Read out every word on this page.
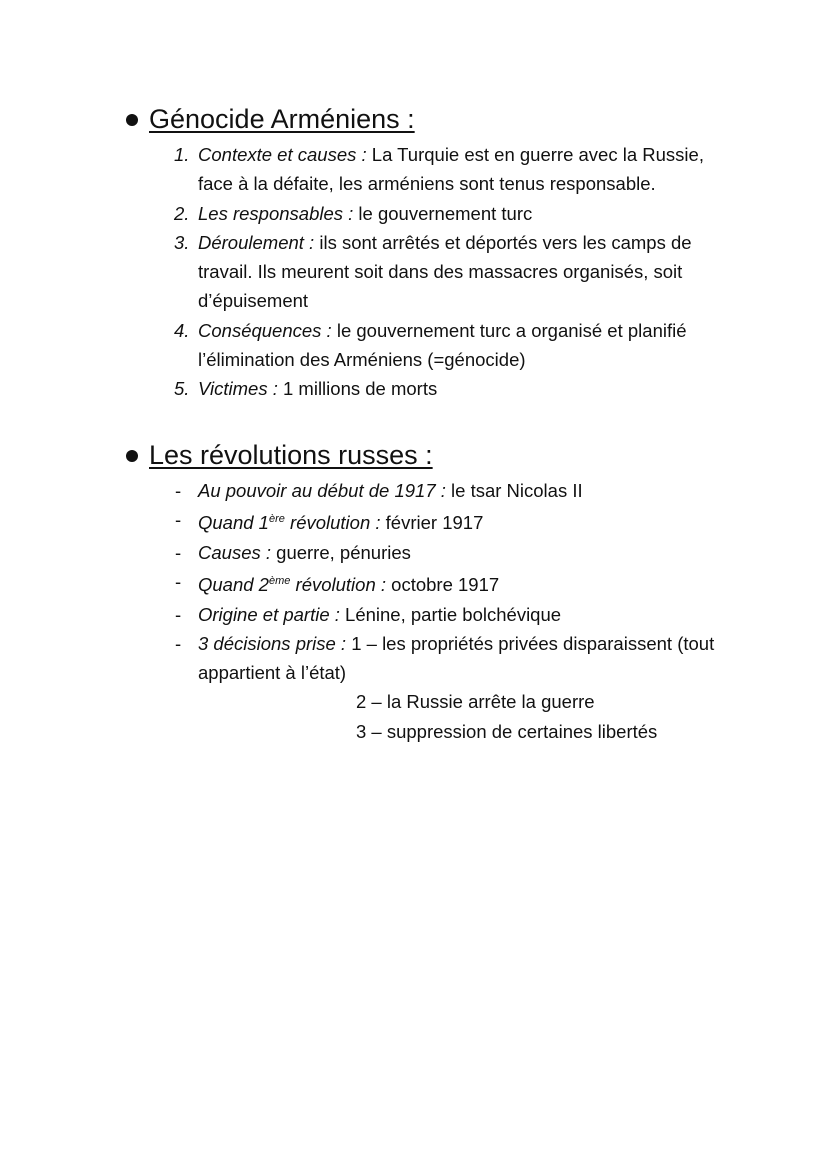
Génocide Arméniens :
1. Contexte et causes : La Turquie est en guerre avec la Russie, face à la défaite, les arméniens sont tenus responsable.
2. Les responsables : le gouvernement turc
3. Déroulement : ils sont arrêtés et déportés vers les camps de travail. Ils meurent soit dans des massacres organisés, soit d’épuisement
4. Conséquences : le gouvernement turc a organisé et planifié l’élimination des Arméniens (=génocide)
5. Victimes : 1 millions de morts
Les révolutions russes :
- Au pouvoir au début de 1917 : le tsar Nicolas II
- Quand 1ère révolution : février 1917
- Causes : guerre, pénuries
- Quand 2ème révolution : octobre 1917
- Origine et partie : Lénine, partie bolchévique
- 3 décisions prise : 1 – les propriétés privées disparaissent (tout appartient à l’état)
2 – la Russie arrête la guerre
3 – suppression de certaines libertés
